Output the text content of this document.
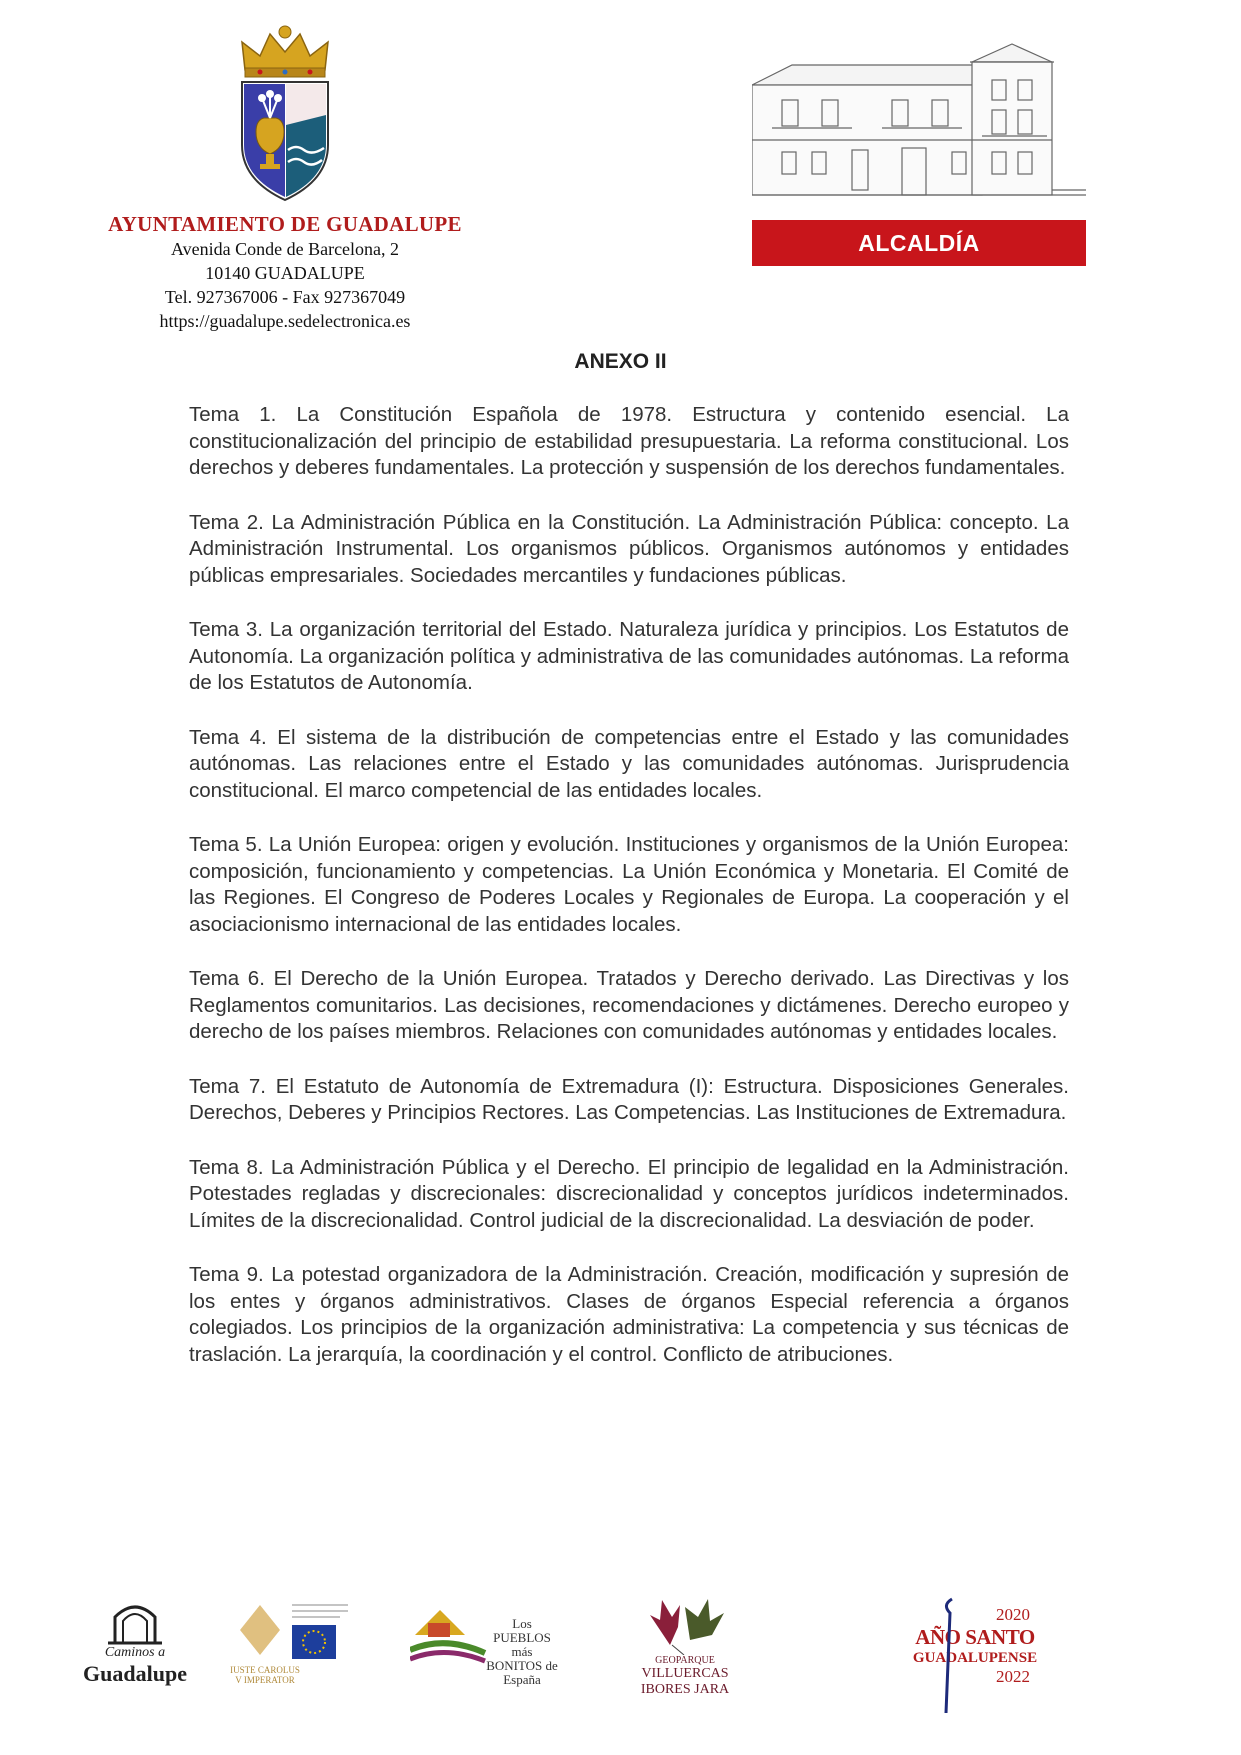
AYUNTAMIENTO DE GUADALUPE
Avenida Conde de Barcelona, 2
10140 GUADALUPE
Tel. 927367006 - Fax 927367049
https://guadalupe.sedelectronica.es
ALCALDÍA
ANEXO II

Tema 1. La Constitución Española de 1978. Estructura y contenido esencial. La constitucionalización del principio de estabilidad presupuestaria. La reforma constitucional. Los derechos y deberes fundamentales. La protección y suspensión de los derechos fundamentales.

Tema 2. La Administración Pública en la Constitución. La Administración Pública: concepto. La Administración Instrumental. Los organismos públicos. Organismos autónomos y entidades públicas empresariales. Sociedades mercantiles y fundaciones públicas.

Tema 3. La organización territorial del Estado. Naturaleza jurídica y principios. Los Estatutos de Autonomía. La organización política y administrativa de las comunidades autónomas. La reforma de los Estatutos de Autonomía.

Tema 4. El sistema de la distribución de competencias entre el Estado y las comunidades autónomas. Las relaciones entre el Estado y las comunidades autónomas. Jurisprudencia constitucional. El marco competencial de las entidades locales.

Tema 5. La Unión Europea: origen y evolución. Instituciones y organismos de la Unión Europea: composición, funcionamiento y competencias. La Unión Económica y Monetaria. El Comité de las Regiones. El Congreso de Poderes Locales y Regionales de Europa. La cooperación y el asociacionismo internacional de las entidades locales.

Tema 6. El Derecho de la Unión Europea. Tratados y Derecho derivado. Las Directivas y los Reglamentos comunitarios. Las decisiones, recomendaciones y dictámenes. Derecho europeo y derecho de los países miembros. Relaciones con comunidades autónomas y entidades locales.

Tema 7. El Estatuto de Autonomía de Extremadura (I): Estructura. Disposiciones Generales. Derechos, Deberes y Principios Rectores. Las Competencias. Las Instituciones de Extremadura.

Tema 8. La Administración Pública y el Derecho. El principio de legalidad en la Administración. Potestades regladas y discrecionales: discrecionalidad y conceptos jurídicos indeterminados. Límites de la discrecionalidad. Control judicial de la discrecionalidad. La desviación de poder.

Tema 9. La potestad organizadora de la Administración. Creación, modificación y supresión de los entes y órganos administrativos. Clases de órganos Especial referencia a órganos colegiados. Los principios de la organización administrativa: La competencia y sus técnicas de traslación. La jerarquía, la coordinación y el control. Conflicto de atribuciones.

Caminos a
Guadalupe	IUSTE CAROLUS V IMPERATOR
Los PUEBLOS más BONITOS de España
GEOPARQUE
VILLUERCAS
IBORES JARA
2020
AÑO SANTO
GUADALUPENSE
2022
